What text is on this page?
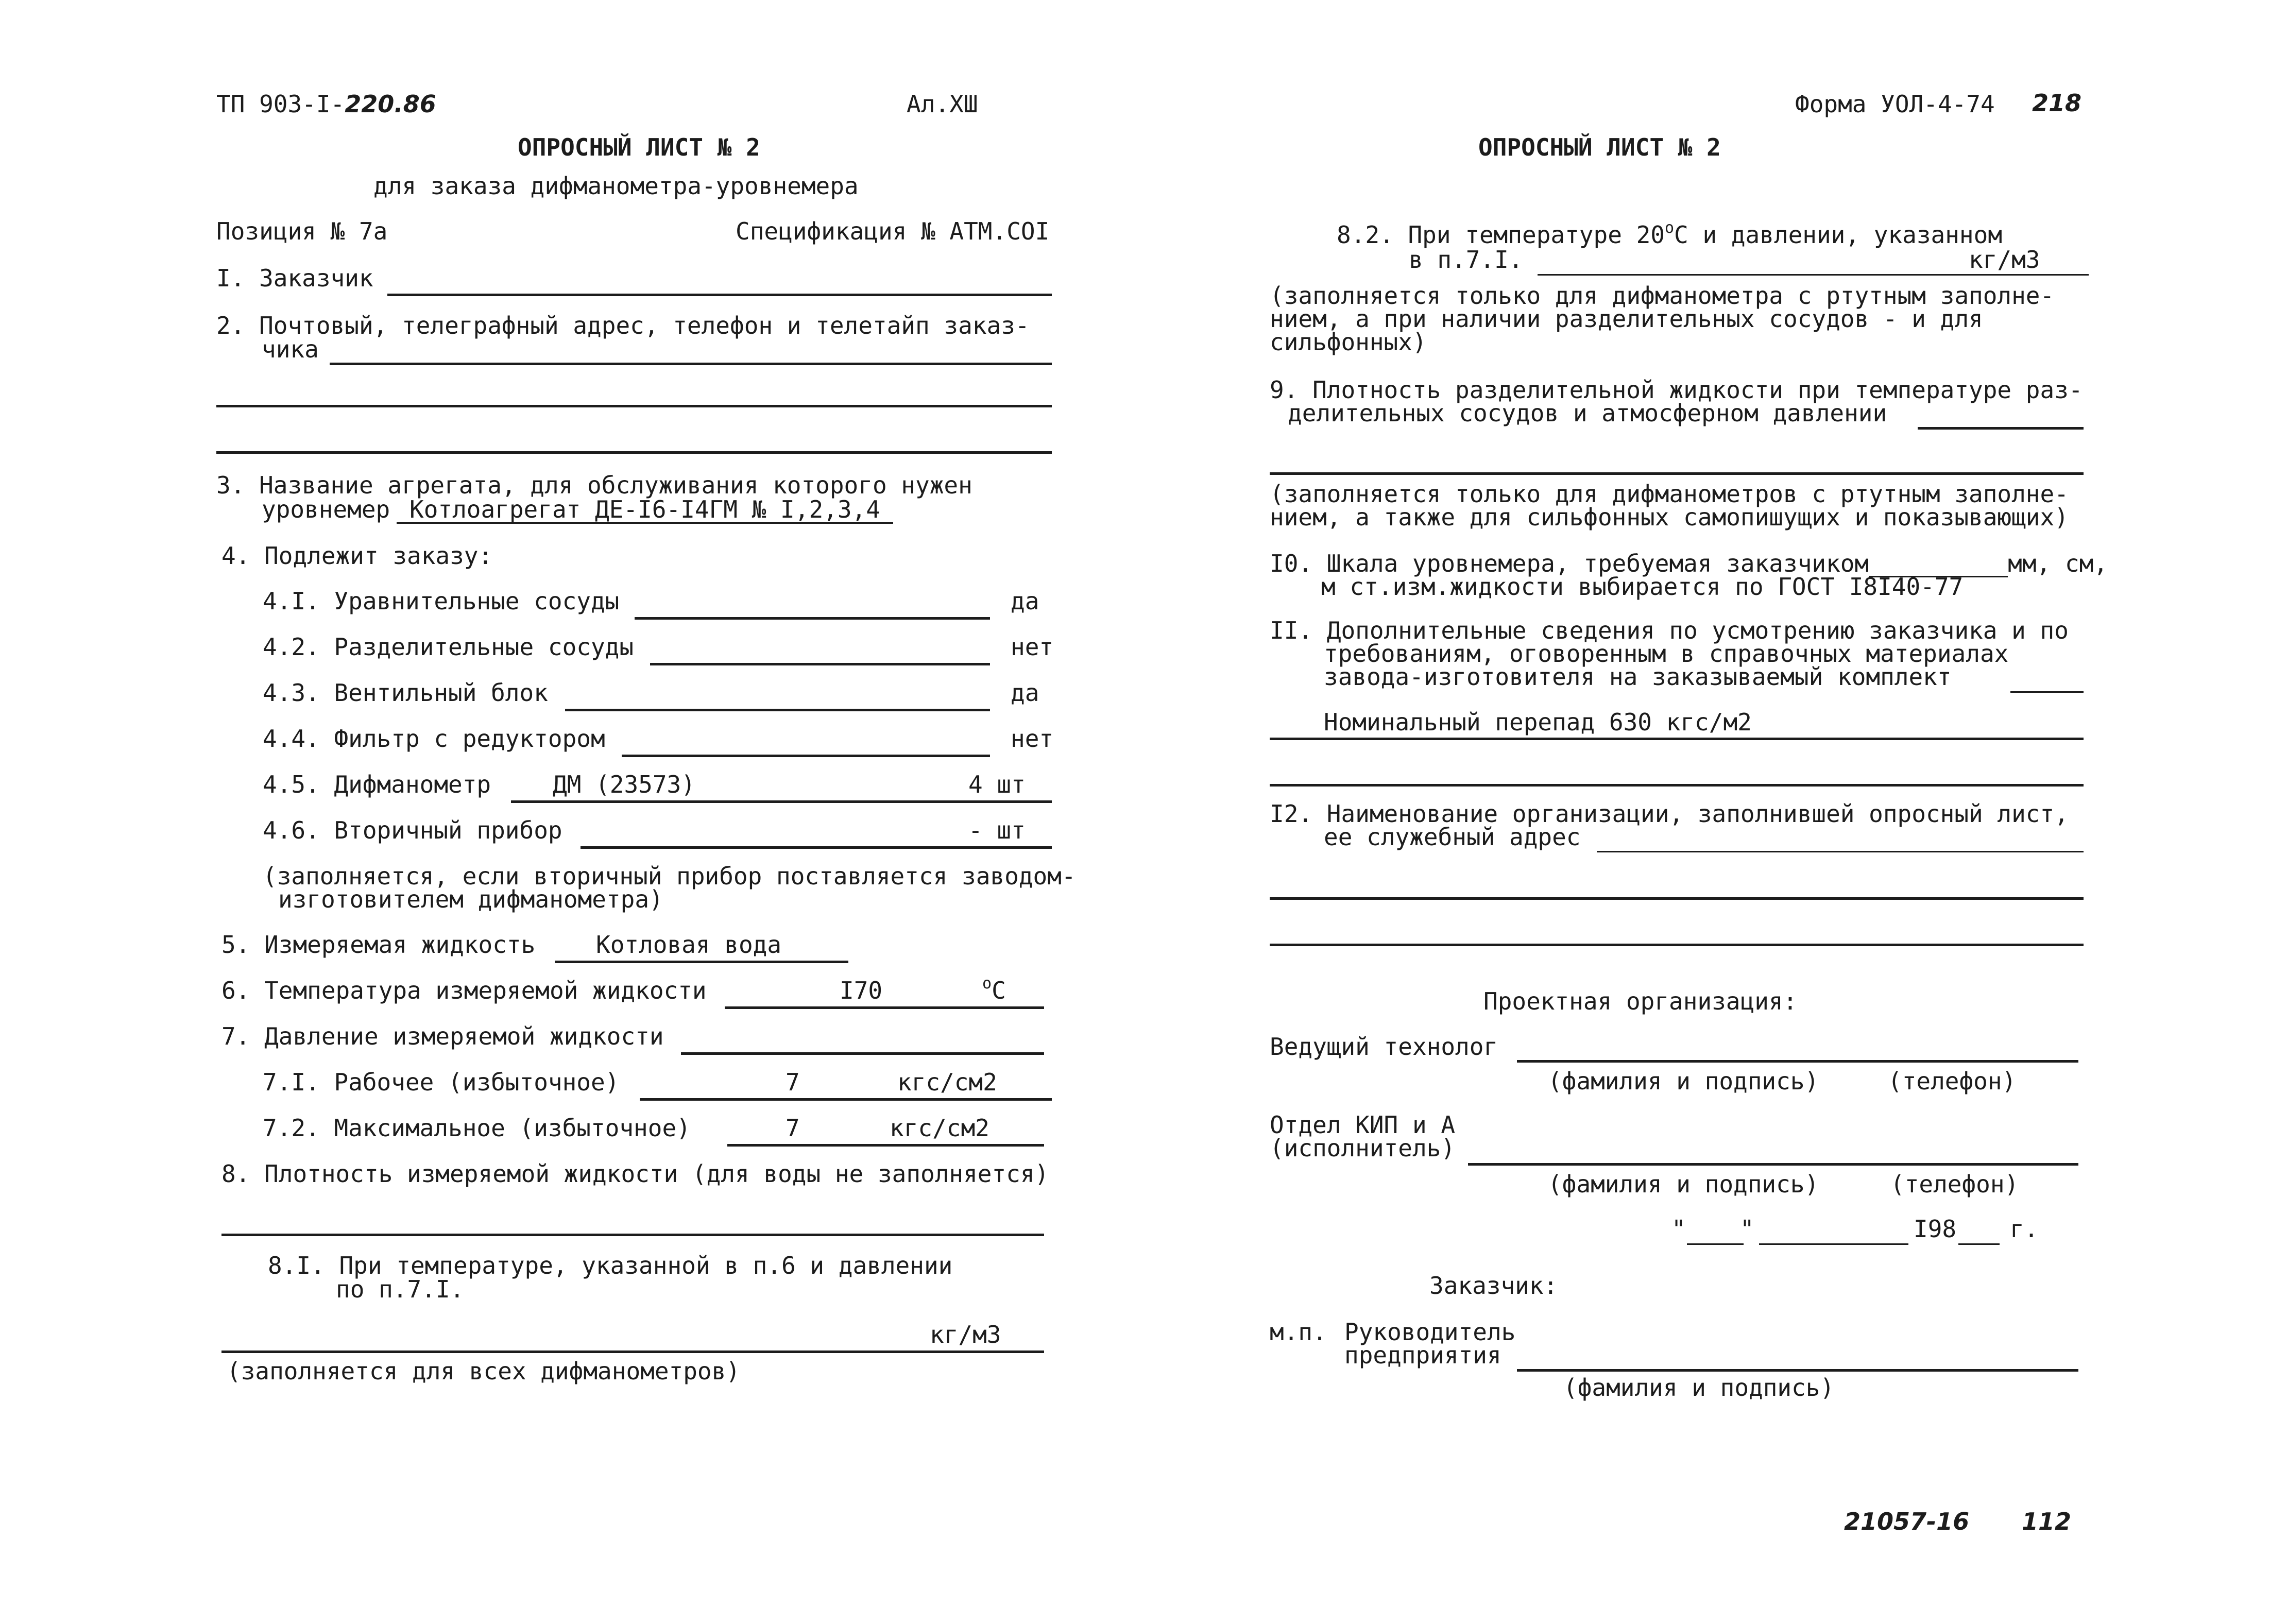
ТП 903-I-220.86	Ал.XШ
ОПРОСНЫЙ ЛИСТ № 2
для заказа дифманометра-уровнемера
Позиция № 7а	Спецификация № АТМ.СОI
I. Заказчик
2. Почтовый, телеграфный адрес, телефон и телетайп заказ-
чика
3. Название агрегата, для обслуживания которого нужен
уровнемер Котлоагрегат ДЕ-I6-I4ГМ № I,2,3,4
4. Подлежит заказу:
4.I. Уравнительные сосуды	да
4.2. Разделительные сосуды	нет
4.3. Вентильный блок	да
4.4. Фильтр с редуктором	нет
4.5. Дифманометр	ДМ (23573)	4 шт
4.6. Вторичный прибор	- шт
(заполняется, если вторичный прибор поставляется заводом-
изготовителем дифманометра)
5. Измеряемая жидкость	Котловая вода
6. Температура измеряемой жидкости	I70	$^o$C
7. Давление измеряемой жидкости
7.I. Рабочее (избыточное)	7	кгс/см2
7.2. Максимальное (избыточное)	7	кгс/см2
8. Плотность измеряемой жидкости (для воды не заполняется)
8.I. При температуре, указанной в п.6 и давлении
по п.7.I.
кг/м3
(заполняется для всех дифманометров)
Форма УОЛ-4-74 218
ОПРОСНЫЙ ЛИСТ № 2
8.2. При температуре 20$^o$С и давлении, указанном
в п.7.I.	кг/м3
(заполняется только для дифманометра с ртутным заполне-
нием, а при наличии разделительных сосудов - и для
сильфонных)
9. Плотность разделительной жидкости при температуре раз-
делительных сосудов и атмосферном давлении
(заполняется только для дифманометров с ртутным заполне-
нием, а также для сильфонных самопишущих и показывающих)
I0. Шкала уровнемера, требуемая заказчиком	мм, см,
м ст.изм.жидкости выбирается по ГОСТ I8I40-77
II. Дополнительные сведения по усмотрению заказчика и по
требованиям, оговоренным в справочных материалах
завода-изготовителя на заказываемый комплект
Номинальный перепад 630 кгс/м2
I2. Наименование организации, заполнившей опросный лист,
ее служебный адрес
Проектная организация:
Ведущий технолог
(фамилия и подпись)	(телефон)
Отдел КИП и А
(исполнитель)
(фамилия и подпись)	(телефон)
" "	I98 г.
Заказчик:
м.п. Руководитель
предприятия
(фамилия и подпись)
21057-16 112
